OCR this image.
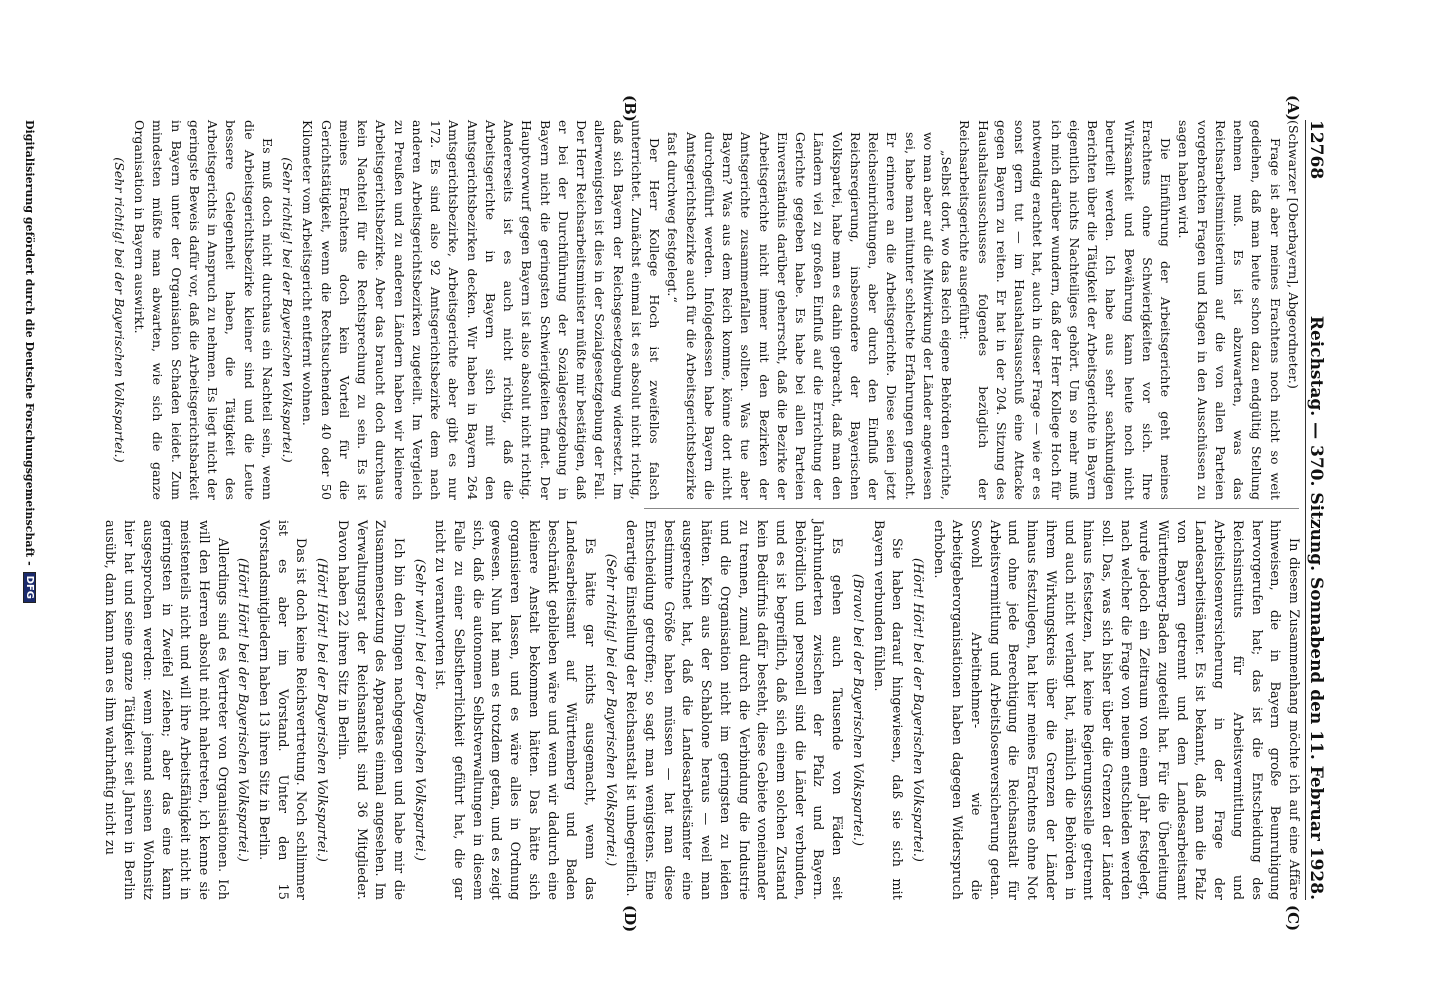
12768
Reichstag. — 370. Sitzung. Sonnabend den 11. Februar 1928.
(A)
(B)
(C)
(D)

(Schwarzer [Oberbayern], Abgeordneter.)

Frage ist aber meines Erachtens noch nicht so weit gediehen, daß man heute schon dazu endgültig Stellung nehmen muß. Es ist abzuwarten, was das Reichsarbeitsministerium auf die von allen Parteien vorgebrachten Fragen und Klagen in den Ausschüssen zu sagen haben wird.

Die Einführung der Arbeitsgerichte geht meines Erachtens ohne Schwierigkeiten vor sich. Ihre Wirksamkeit und Bewährung kann heute noch nicht beurteilt werden. Ich habe aus sehr sachkundigen Berichten über die Tätigkeit der Arbeitsgerichte in Bayern eigentlich nichts Nachteiliges gehört. Um so mehr muß ich mich darüber wundern, daß der Herr Kollege Hoch für notwendig erachtet hat, auch in dieser Frage — wie er es sonst gern tut — im Haushaltsausschuß eine Attacke gegen Bayern zu reiten. Er hat in der 204. Sitzung des Haushaltsausschusses folgendes bezüglich der Reichsarbeitsgerichte ausgeführt:

„Selbst dort, wo das Reich eigene Behörden errichte, wo man aber auf die Mitwirkung der Länder angewiesen sei, habe man mitunter schlechte Erfahrungen gemacht. Er erinnere an die Arbeitsgerichte. Diese seien jetzt Reichseinrichtungen, aber durch den Einfluß der Reichsregierung, insbesondere der Bayerischen Volkspartei, habe man es dahin gebracht, daß man den Ländern viel zu großen Einfluß auf die Errichtung der Gerichte gegeben habe. Es habe bei allen Parteien Einverständnis darüber geherrscht, daß die Bezirke der Arbeitsgerichte nicht immer mit den Bezirken der Amtsgerichte zusammenfallen sollten. Was tue aber Bayern? Was aus dem Reich komme, könne dort nicht durchgeführt werden. Infolgedessen habe Bayern die Amtsgerichtsbezirke auch für die Arbeitsgerichtsbezirke fast durchweg festgelegt.“

Der Herr Kollege Hoch ist zweifellos falsch unterrichtet. Zunächst einmal ist es absolut nicht richtig, daß sich Bayern der Reichsgesetzgebung widersetzt. Im allerwenigsten ist dies in der Sozialgesetzgebung der Fall. Der Herr Reichsarbeitsminister müßte mir bestätigen, daß er bei der Durchführung der Sozialgesetzgebung in Bayern nicht die geringsten Schwierigkeiten findet. Der Hauptvorwurf gegen Bayern ist also absolut nicht richtig. Andererseits ist es auch nicht richtig, daß die Arbeitsgerichte in Bayern sich mit den Amtsgerichtsbezirken decken. Wir haben in Bayern 264 Amtsgerichtsbezirke, Arbeitsgerichte aber gibt es nur 172. Es sind also 92 Amtsgerichtsbezirke dem nach anderen Arbeitsgerichtsbezirken zugeteilt. Im Vergleich zu Preußen und zu anderen Ländern haben wir kleinere Arbeitsgerichtsbezirke. Aber das braucht doch durchaus kein Nachteil für die Rechtsprechung zu sein. Es ist meines Erachtens doch kein Vorteil für die Gerichtstätigkeit, wenn die Rechtsuchenden 40 oder 50 Kilometer vom Arbeitsgericht entfernt wohnen.

(Sehr richtig! bei der Bayerischen Volkspartei.)

Es muß doch nicht durchaus ein Nachteil sein, wenn die Arbeitsgerichtsbezirke kleiner sind und die Leute bessere Gelegenheit haben, die Tätigkeit des Arbeitsgerichts in Anspruch zu nehmen. Es liegt nicht der geringste Beweis dafür vor, daß die Arbeitsgerichtsbarkeit in Bayern unter der Organisation Schaden leidet. Zum mindesten müßte man abwarten, wie sich die ganze Organisation in Bayern auswirkt.

(Sehr richtig! bei der Bayerischen Volkspartei.)

In diesem Zusammenhang möchte ich auf eine Affäre hinweisen, die in Bayern große Beunruhigung hervorgerufen hat; das ist die Entscheidung des Reichsinstituts für Arbeitsvermittlung und Arbeitslosenversicherung in der Frage der Landesarbeitsämter. Es ist bekannt, daß man die Pfalz von Bayern getrennt und dem Landesarbeitsamt Württemberg-Baden zugeteilt hat. Für die Überleitung wurde jedoch ein Zeitraum von einem Jahr festgelegt, nach welcher die Frage von neuem entschieden werden soll. Das, was sich bisher über die Grenzen der Länder hinaus festsetzen, hat keine Regierungsstelle getrennt und auch nicht verlangt hat, nämlich die Behörden in ihrem Wirkungskreis über die Grenzen der Länder hinaus festzulegen, hat hier meines Erachtens ohne Not und ohne jede Berechtigung die Reichsanstalt für Arbeitsvermittlung und Arbeitslosenversicherung getan. Sowohl Arbeitnehmer- wie die Arbeitgeberorganisationen haben dagegen Widerspruch erhoben.

(Hört! Hört! bei der Bayerischen Volkspartei.)

Sie haben darauf hingewiesen, daß sie sich mit Bayern verbunden fühlen.

(Bravo! bei der Bayerischen Volkspartei.)

Es gehen auch Tausende von Fäden seit Jahrhunderten zwischen der Pfalz und Bayern. Behördlich und personell sind die Länder verbunden, und es ist begreiflich, daß sich einem solchen Zustand kein Bedürfnis dafür besteht, diese Gebiete voneinander zu trennen, zumal durch die Verbindung die Industrie und die Organisation nicht im geringsten zu leiden hätten. Kein aus der Schablone heraus — weil man ausgerechnet hat, daß die Landesarbeitsämter eine bestimmte Größe haben müssen — hat man diese Entscheidung getroffen; so sagt man wenigstens. Eine derartige Einstellung der Reichsanstalt ist unbegreiflich.

(Sehr richtig! bei der Bayerischen Volkspartei.)

Es hätte gar nichts ausgemacht, wenn das Landesarbeitsamt auf Württemberg und Baden beschränkt geblieben wäre und wenn wir dadurch eine kleinere Anstalt bekommen hätten. Das hätte sich organisieren lassen, und es wäre alles in Ordnung gewesen. Nun hat man es trotzdem getan, und es zeigt sich, daß die autonomen Selbstverwaltungen in diesem Falle zu einer Selbstherrlichkeit geführt hat, die gar nicht zu verantworten ist.

(Sehr wahr! bei der Bayerischen Volkspartei.)

Ich bin den Dingen nachgegangen und habe mir die Zusammensetzung des Apparates einmal angesehen. Im Verwaltungsrat der Reichsanstalt sind 36 Mitglieder. Davon haben 22 ihren Sitz in Berlin.

(Hört! Hört! bei der Bayerischen Volkspartei.)

Das ist doch keine Reichsvertretung. Noch schlimmer ist es aber im Vorstand. Unter den 15 Vorstandsmitgliedern haben 13 ihren Sitz in Berlin.

(Hört! Hört! bei der Bayerischen Volkspartei.)

Allerdings sind es Vertreter von Organisationen. Ich will den Herren absolut nicht nahetreten, ich kenne sie meistenteils nicht und will ihre Arbeitsfähigkeit nicht in geringsten in Zweifel ziehen; aber das eine kann ausgesprochen werden: wenn jemand seinen Wohnsitz hier hat und seine ganze Tätigkeit seit Jahren in Berlin ausübt, dann kann man es ihm wahrhaftig nicht zu

Digitalisierung gefördert durch die Deutsche Forschungsgemeinschaft -
DFG
